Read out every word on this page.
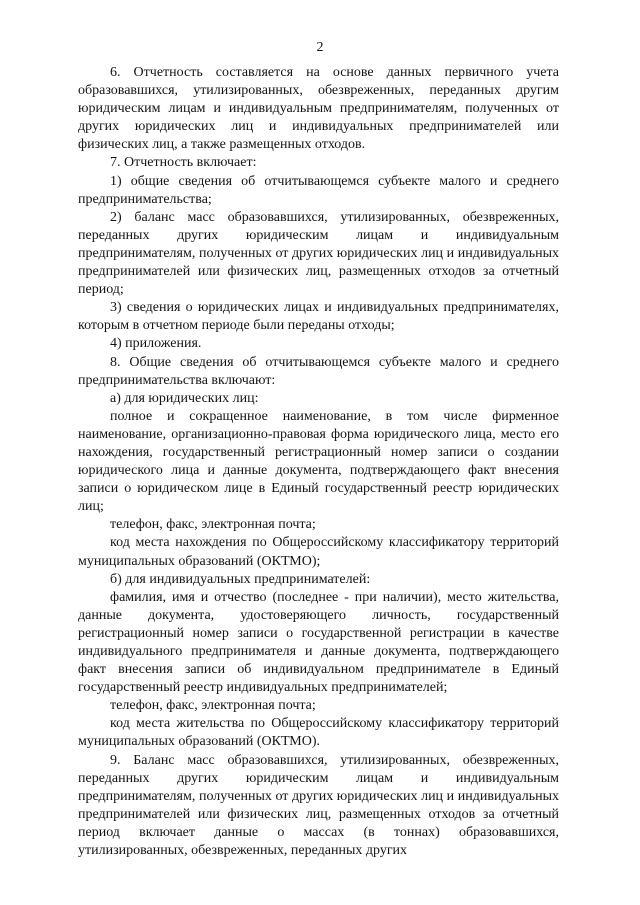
2

6. Отчетность составляется на основе данных первичного учета образовавшихся, утилизированных, обезвреженных, переданных другим юридическим лицам и индивидуальным предпринимателям, полученных от других юридических лиц и индивидуальных предпринимателей или физических лиц, а также размещенных отходов.

7. Отчетность включает:

1) общие сведения об отчитывающемся субъекте малого и среднего предпринимательства;

2) баланс масс образовавшихся, утилизированных, обезвреженных, переданных других юридическим лицам и индивидуальным предпринимателям, полученных от других юридических лиц и индивидуальных предпринимателей или физических лиц, размещенных отходов за отчетный период;

3) сведения о юридических лицах и индивидуальных предпринимателях, которым в отчетном периоде были переданы отходы;

4) приложения.

8. Общие сведения об отчитывающемся субъекте малого и среднего предпринимательства включают:

а) для юридических лиц:

полное и сокращенное наименование, в том числе фирменное наименование, организационно-правовая форма юридического лица, место его нахождения, государственный регистрационный номер записи о создании юридического лица и данные документа, подтверждающего факт внесения записи о юридическом лице в Единый государственный реестр юридических лиц;

телефон, факс, электронная почта;

код места нахождения по Общероссийскому классификатору территорий муниципальных образований (ОКТМО);

б) для индивидуальных предпринимателей:

фамилия, имя и отчество (последнее - при наличии), место жительства, данные документа, удостоверяющего личность, государственный регистрационный номер записи о государственной регистрации в качестве индивидуального предпринимателя и данные документа, подтверждающего факт внесения записи об индивидуальном предпринимателе в Единый государственный реестр индивидуальных предпринимателей;

телефон, факс, электронная почта;

код места жительства по Общероссийскому классификатору территорий муниципальных образований (ОКТМО).

9. Баланс масс образовавшихся, утилизированных, обезвреженных, переданных других юридическим лицам и индивидуальным предпринимателям, полученных от других юридических лиц и индивидуальных предпринимателей или физических лиц, размещенных отходов за отчетный период включает данные о массах (в тоннах) образовавшихся, утилизированных, обезвреженных, переданных других
